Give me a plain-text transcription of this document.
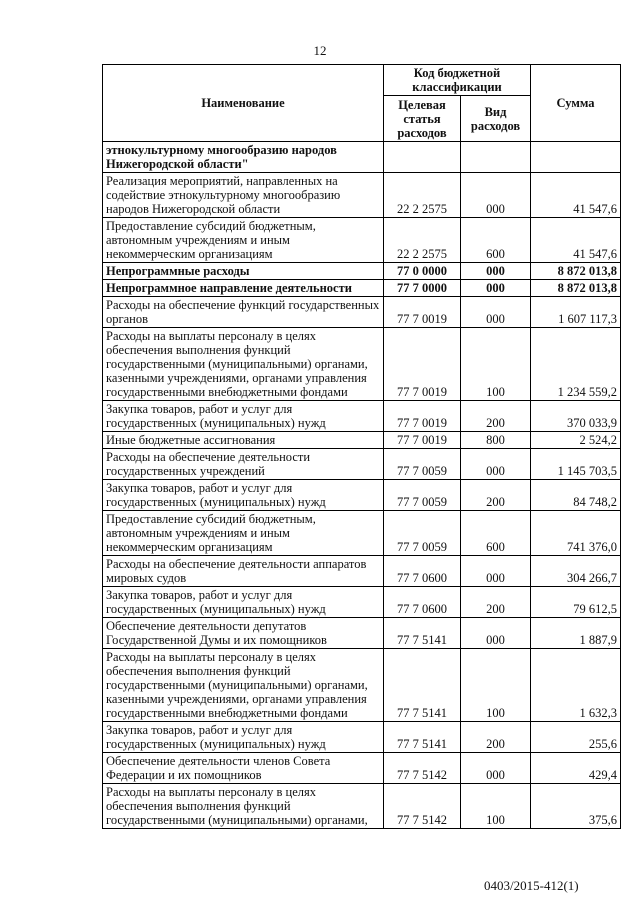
12
Наименование	Код бюджетной классификации		Сумма
	Целевая статья расходов	Вид расходов	
этнокультурному многообразию народов Нижегородской области"			
Реализация мероприятий, направленных на содействие этнокультурному многообразию народов Нижегородской области	22 2 2575	000	41 547,6
Предоставление субсидий бюджетным, автономным учреждениям и иным некоммерческим организациям	22 2 2575	600	41 547,6
Непрограммные расходы	77 0 0000	000	8 872 013,8
Непрограммное направление деятельности	77 7 0000	000	8 872 013,8
Расходы на обеспечение функций государственных органов	77 7 0019	000	1 607 117,3
Расходы на выплаты персоналу в целях обеспечения выполнения функций государственными (муниципальными) органами, казенными учреждениями, органами управления государственными внебюджетными фондами	77 7 0019	100	1 234 559,2
Закупка товаров, работ и услуг для государственных (муниципальных) нужд	77 7 0019	200	370 033,9
Иные бюджетные ассигнования	77 7 0019	800	2 524,2
Расходы на обеспечение деятельности государственных учреждений	77 7 0059	000	1 145 703,5
Закупка товаров, работ и услуг для государственных (муниципальных) нужд	77 7 0059	200	84 748,2
Предоставление субсидий бюджетным, автономным учреждениям и иным некоммерческим организациям	77 7 0059	600	741 376,0
Расходы на обеспечение деятельности аппаратов мировых судов	77 7 0600	000	304 266,7
Закупка товаров, работ и услуг для государственных (муниципальных) нужд	77 7 0600	200	79 612,5
Обеспечение деятельности депутатов Государственной Думы и их помощников	77 7 5141	000	1 887,9
Расходы на выплаты персоналу в целях обеспечения выполнения функций государственными (муниципальными) органами, казенными учреждениями, органами управления государственными внебюджетными фондами	77 7 5141	100	1 632,3
Закупка товаров, работ и услуг для государственных (муниципальных) нужд	77 7 5141	200	255,6
Обеспечение деятельности членов Совета Федерации и их помощников	77 7 5142	000	429,4
Расходы на выплаты персоналу в целях обеспечения выполнения функций государственными (муниципальными) органами,	77 7 5142	100	375,6
0403/2015-412(1)
